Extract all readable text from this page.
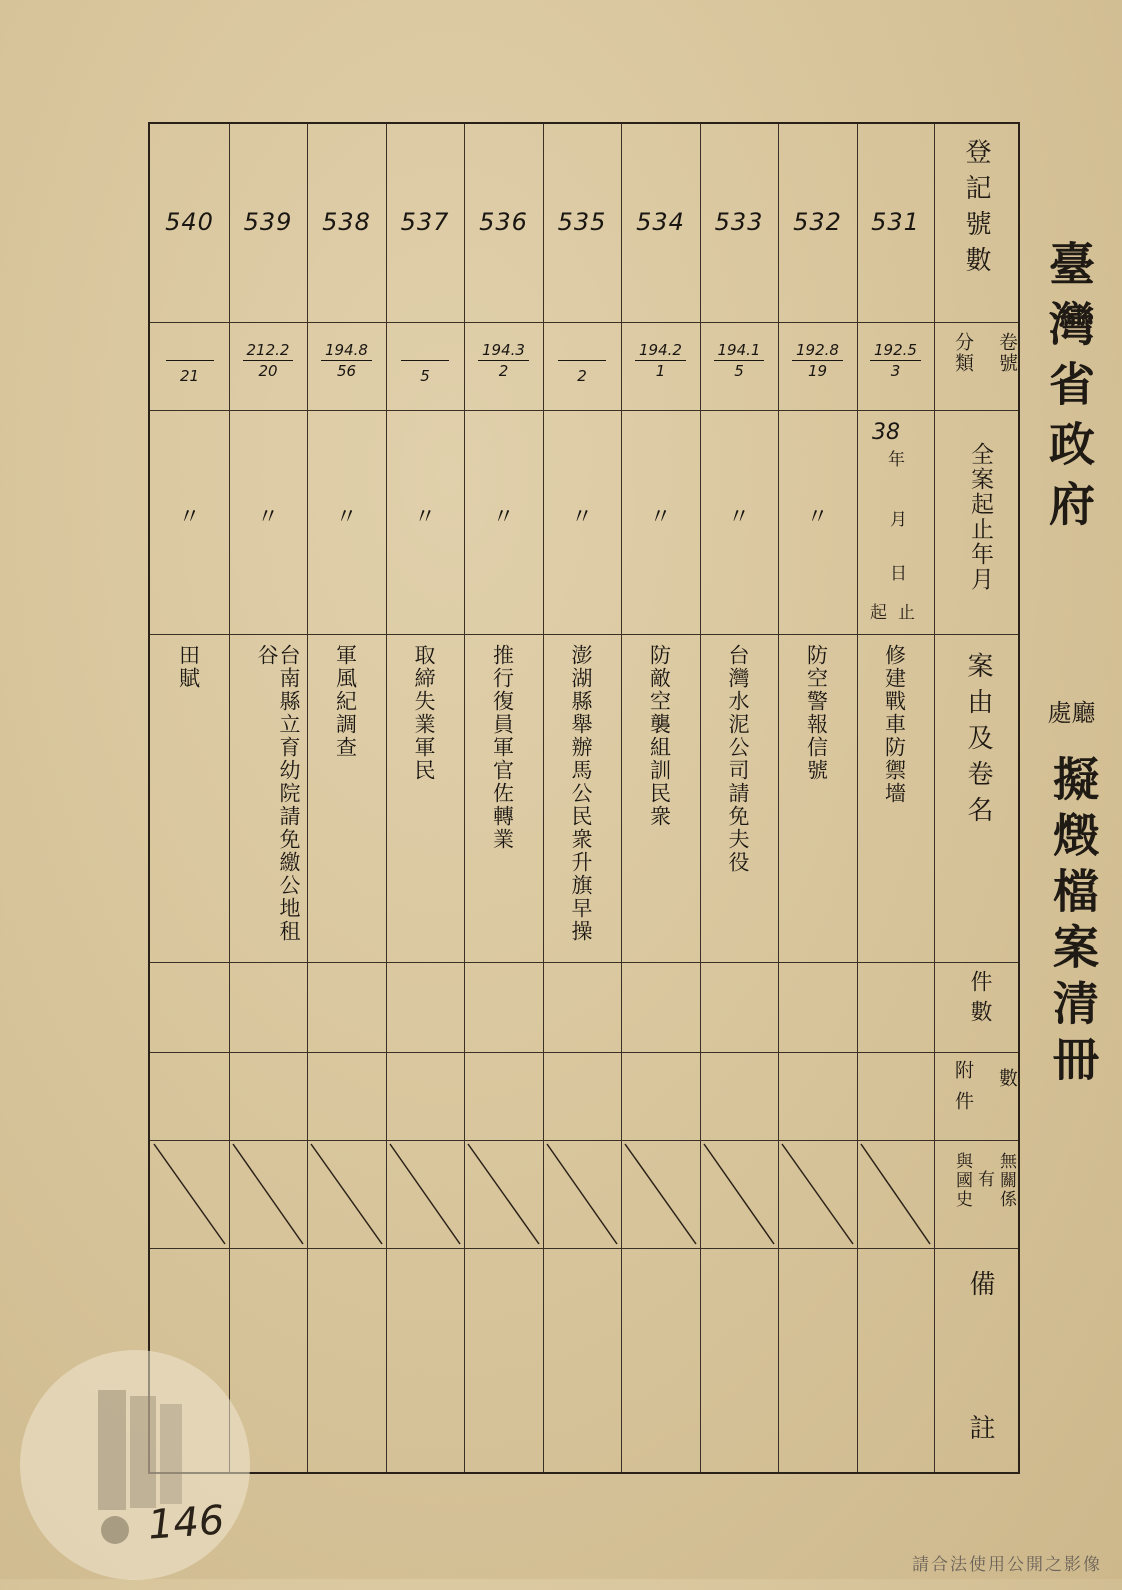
臺灣省政府
廳
處
擬燬檔案清冊
登記號數
卷號
分類
全案起止年月
案由及卷名
件數
數
附件
無關係
有
與國史
備
註
38
年
月
日
起 止
531
$\frac{192.5}{3}$
修建戰車防禦墻
532
$\frac{192.8}{19}$
〃
防空警報信號
533
$\frac{194.1}{5}$
〃
台灣水泥公司請免夫役
534
$\frac{194.2}{1}$
〃
防敵空襲組訓民衆
535
2
〃
澎湖縣舉辦馬公民衆升旗早操
536
$\frac{194.3}{2}$
〃
推行復員軍官佐轉業
537
5
〃
取締失業軍民
538
$\frac{194.8}{56}$
〃
軍風紀調查
539
$\frac{212.2}{20}$
〃
台南縣立育幼院請免繳公地租谷
540
21
〃
田賦
146
請合法使用公開之影像
